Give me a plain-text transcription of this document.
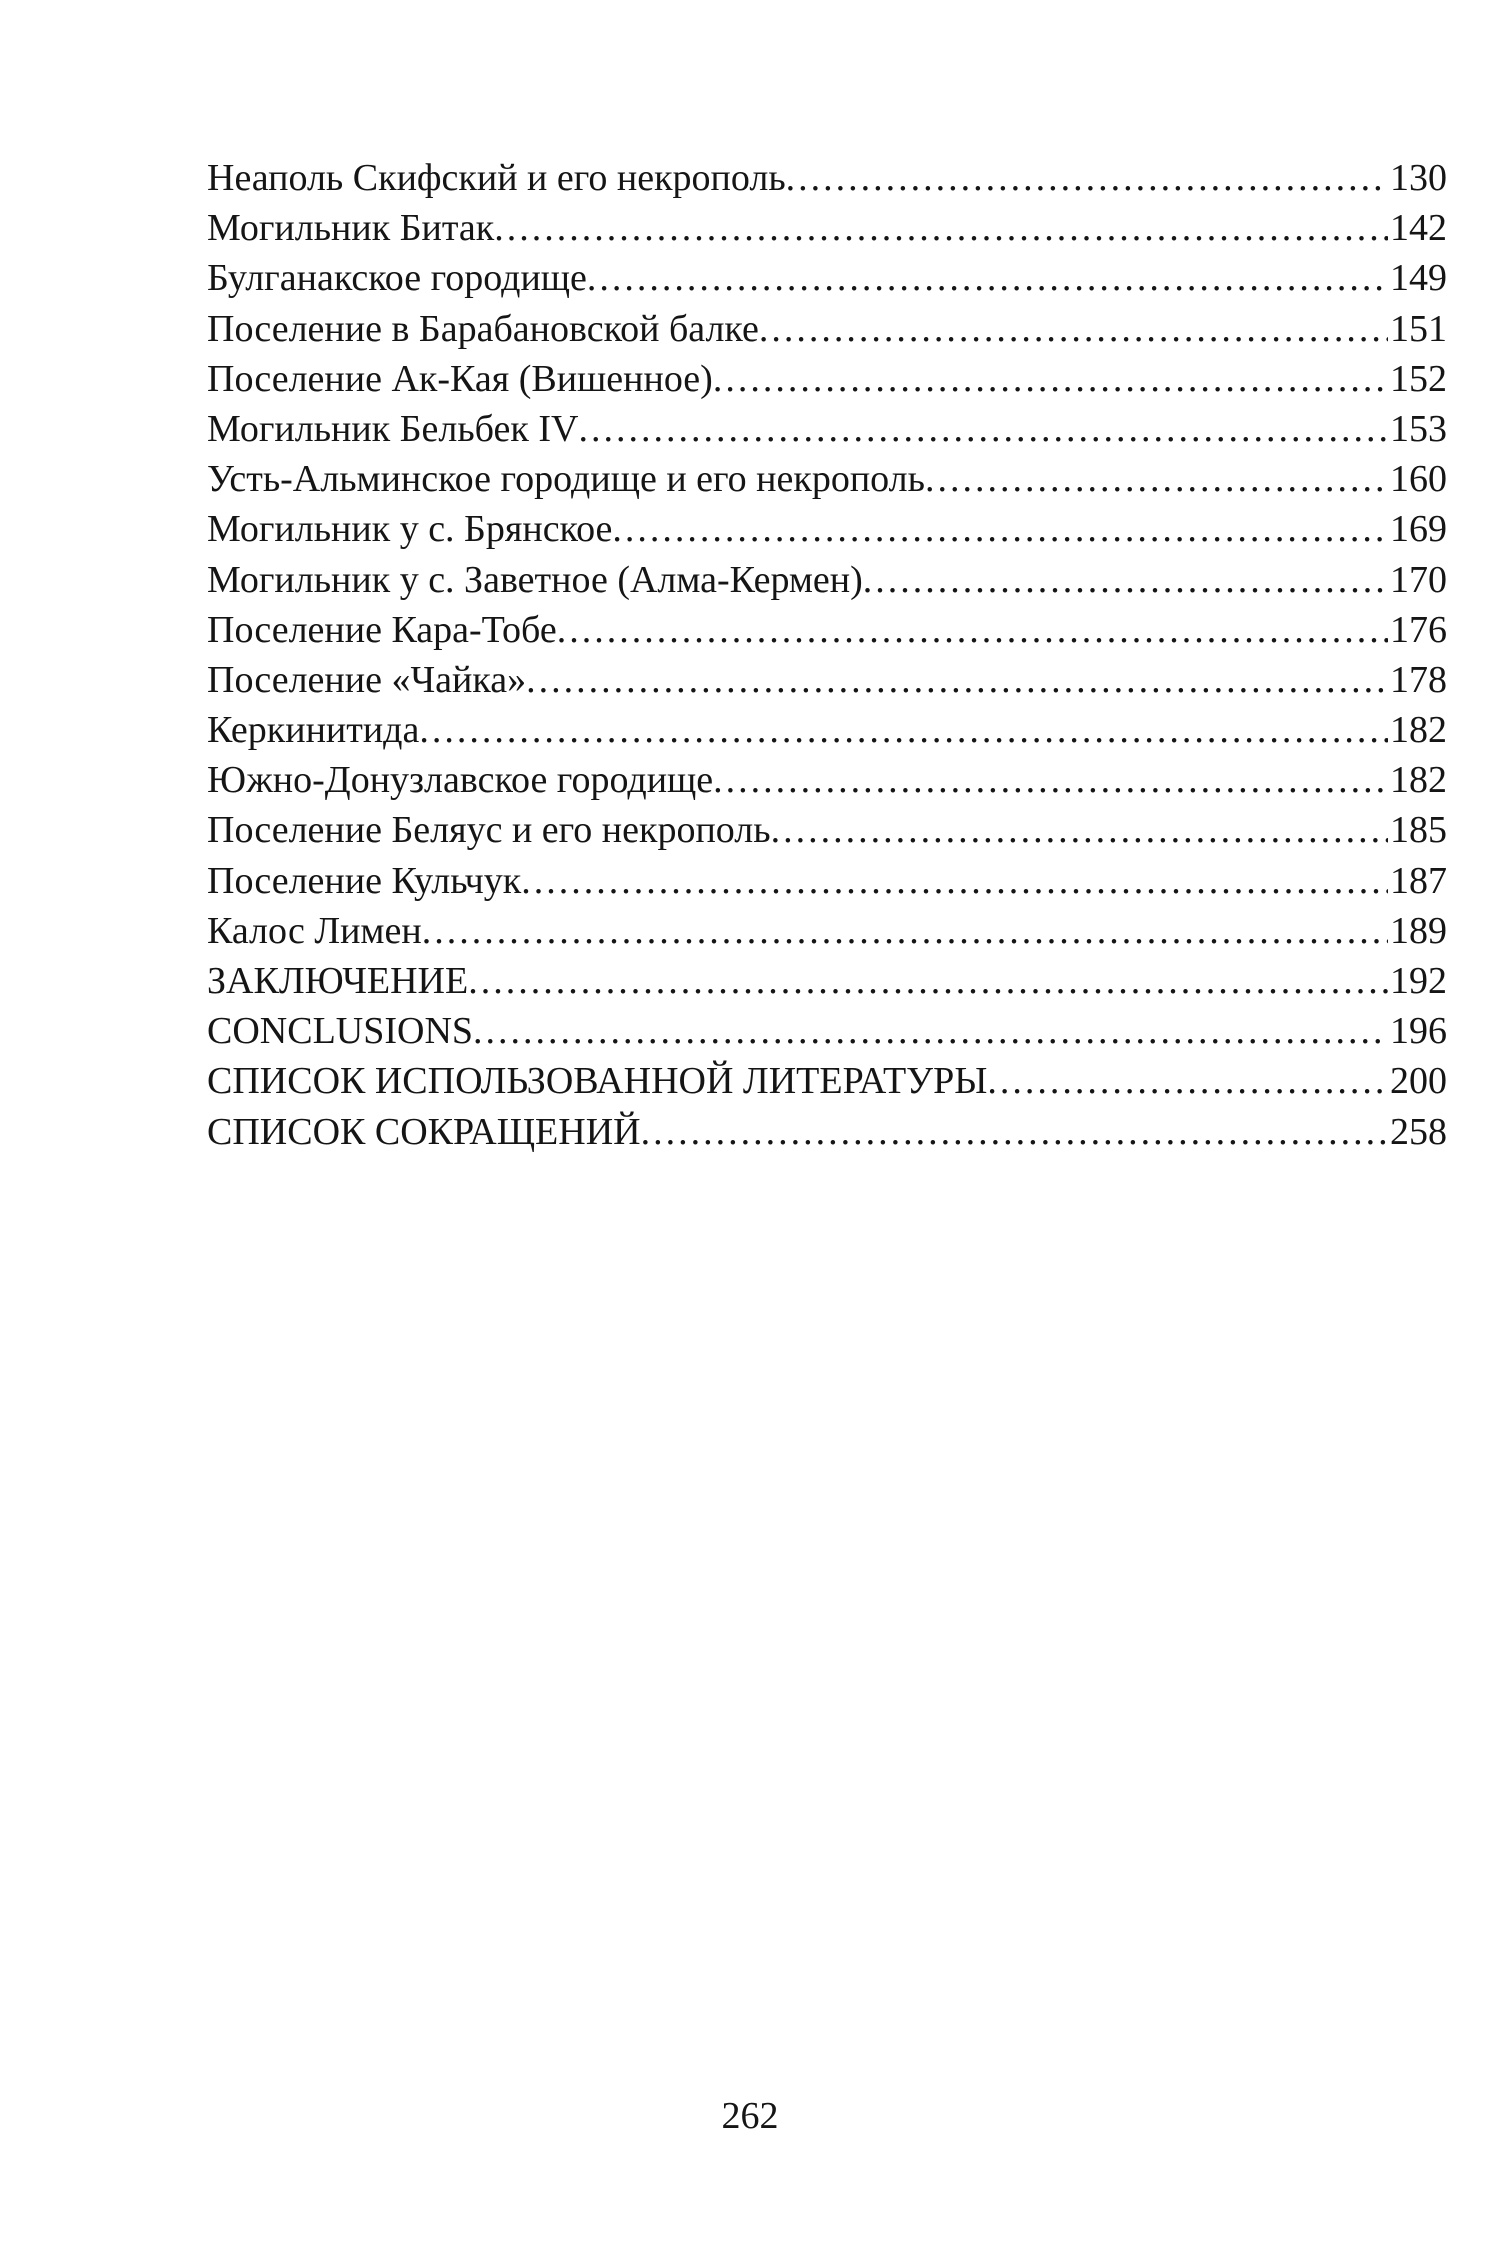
Неаполь Скифский и его некрополь .....	130
Могильник Битак .....	142
Булганакское городище .....	149
Поселение в Барабановской балке .....	151
Поселение Ак-Кая (Вишенное) .....	152
Могильник Бельбек IV .....	153
Усть-Альминское городище и его некрополь .....	160
Могильник у с. Брянское .....	169
Могильник у с. Заветное (Алма-Кермен) .....	170
Поселение Кара-Тобе .....	176
Поселение «Чайка» .....	178
Керкинитида .....	182
Южно-Донузлавское городище .....	182
Поселение Беляус и его некрополь .....	185
Поселение Кульчук .....	187
Калос Лимен .....	189
ЗАКЛЮЧЕНИЕ .....	192
CONCLUSIONS .....	196
СПИСОК ИСПОЛЬЗОВАННОЙ ЛИТЕРАТУРЫ .....	200
СПИСОК СОКРАЩЕНИЙ .....	258
262
